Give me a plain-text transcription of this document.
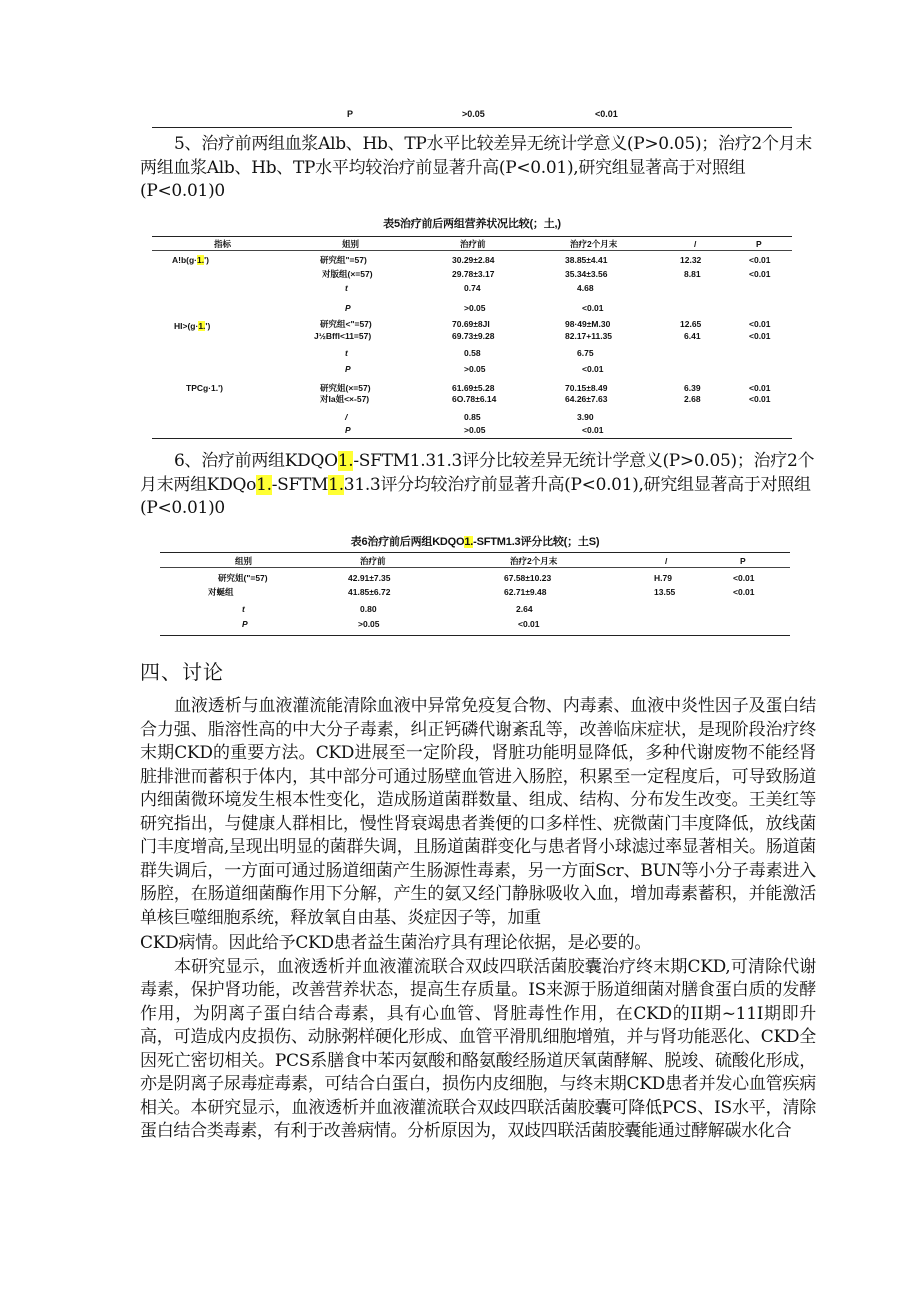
P	>0.05	<0.01

5、治疗前两组血浆Alb、Hb、TP水平比较差异无统计学意义(P>0.05)；治疗2个月末

两组血浆Alb、Hb、TP水平均较治疗前显著升高(P<0.01),研究组显著高于对照组

(P<0.01)0

表5治疗前后两组营养状况比较(；土,)
指标	姐别	治疗前	治疗2个月末	/	P
A!b(g·1.')	研究组"=57)	30.29±2.84	38.85±4.41	12.32	<0.01
对版组(×=57)	29.78±3.17	35.34±3.56	8.81	<0.01
t	0.74	4.68
P	>0.05	<0.01
HI>(g·1.')	研究组<"=57)	70.69±8JI	98·49±M.30	12.65	<0.01
J½Bffl<11=57)	69.73±9.28	82.17+11.35	6.41	<0.01
t	0.58	6.75
P	>0.05	<0.01
TPCg·1.')	研究姐(×=57)	61.69±5.28	70.15±8.49	6.39	<0.01
对Ia姐<×-57)	6O.78±6.14	64.26±7.63	2.68	<0.01
/	0.85	3.90
P	>0.05	<0.01

6、治疗前两组KDQO1.-SFTM1.31.3评分比较差异无统计学意义(P>0.05)；治疗2个

月末两组KDQo1.-SFTM1.31.3评分均较治疗前显著升高(P<0.01),研究组显著高于对照组

(P<0.01)0

表6治疗前后两组KDQO1.-SFTM1.3评分比较(；土S)
组别	治疗前	治疗2个月末	/	P
研究姐("=57)	42.91±7.35	67.58±10.23	H.79	<0.01
对蜒组	41.85±6.72	62.71±9.48	13.55	<0.01
t	0.80	2.64
P	>0.05	<0.01
四、讨论

血液透析与血液灌流能清除血液中异常免疫复合物、内毒素、血液中炎性因子及蛋白结合力强、脂溶性高的中大分子毒素，纠正钙磷代谢紊乱等，改善临床症状，是现阶段治疗终末期CKD的重要方法。CKD进展至一定阶段，肾脏功能明显降低，多种代谢废物不能经肾脏排泄而蓄积于体内，其中部分可通过肠壁血管进入肠腔，积累至一定程度后，可导致肠道内细菌微环境发生根本性变化，造成肠道菌群数量、组成、结构、分布发生改变。王美红等研究指出，与健康人群相比，慢性肾衰竭患者粪便的口多样性、疣微菌门丰度降低，放线菌门丰度增高,呈现出明显的菌群失调，且肠道菌群变化与患者肾小球滤过率显著相关。肠道菌群失调后，一方面可通过肠道细菌产生肠源性毒素，另一方面Scr、BUN等小分子毒素进入肠腔，在肠道细菌酶作用下分解，产生的氨又经门静脉吸收入血，增加毒素蓄积，并能激活单核巨噬细胞系统，释放氧自由基、炎症因子等，加重

CKD病情。因此给予CKD患者益生菌治疗具有理论依据，是必要的。

本研究显示，血液透析并血液灌流联合双歧四联活菌胶囊治疗终末期CKD,可清除代谢毒素，保护肾功能，改善营养状态，提高生存质量。IS来源于肠道细菌对膳食蛋白质的发酵作用，为阴离子蛋白结合毒素，具有心血管、肾脏毒性作用，在CKD的II期~11I期即升高，可造成内皮损伤、动脉粥样硬化形成、血管平滑肌细胞增殖，并与肾功能恶化、CKD全因死亡密切相关。PCS系膳食中苯丙氨酸和酪氨酸经肠道厌氧菌酵解、脱竣、硫酸化形成，亦是阴离子尿毒症毒素，可结合白蛋白，损伤内皮细胞，与终末期CKD患者并发心血管疾病相关。本研究显示，血液透析并血液灌流联合双歧四联活菌胶囊可降低PCS、IS水平，清除蛋白结合类毒素，有利于改善病情。分析原因为，双歧四联活菌胶囊能通过酵解碳水化合
